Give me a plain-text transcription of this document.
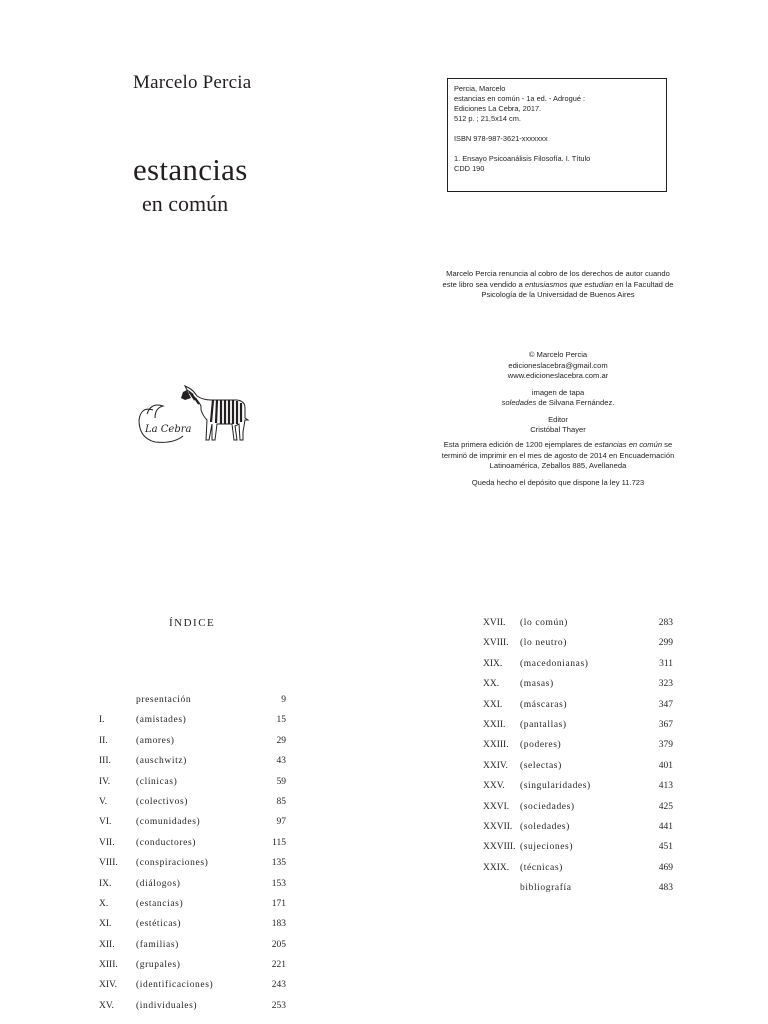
Marcelo Percia
estancias
en común
La Cebra
Percia, Marcelo
estancias en común - 1a ed. - Adrogué :
Ediciones La Cebra, 2017.
512 p. ; 21,5x14 cm.
ISBN 978-987-3621-xxxxxxx
1. Ensayo Psicoanálisis Filosofía. I. Título
CDD 190

Marcelo Percia renuncia al cobro de los derechos de autor cuando

este libro sea vendido a entusiasmos que estudian en la Facultad de

Psicología de la Universidad de Buenos Aires

© Marcelo Percia

edicioneslacebra@gmail.com

www.edicioneslacebra.com.ar

imagen de tapa

soledades de Silvana Fernández.

Editor

Cristóbal Thayer

Esta primera edición de 1200 ejemplares de estancias en común se

terminó de imprimir en el mes de agosto de 2014 en Encuadernación

Latinoamérica, Zeballos 885, Avellaneda

Queda hecho el depósito que dispone la ley 11.723

ÍNDICE
presentación	9
I.	(amistades)	15
II.	(amores)	29
III.	(auschwitz)	43
IV.	(clínicas)	59
V.	(colectivos)	85
VI.	(comunidades)	97
VII. (conductores)	115
VIII. (conspiraciones)	135
IX.	(diálogos)	153
X.	(estancias)	171
XI.	(estéticas)	183
XII. (familias)	205
XIII. (grupales)	221
XIV. (identificaciones)	243
XV. (individuales)	253
XVII. (lo común)	283
XVIII. (lo neutro)	299
XIX. (macedonianas)	311
XX. (masas)	323
XXI. (máscaras)	347
XXII. (pantallas)	367
XXIII. (poderes)	379
XXIV. (selectas)	401
XXV. (singularidades)	413
XXVI. (sociedades)	425
XXVII. (soledades)	441
XXVIII. (sujeciones)	451
XXIX. (técnicas)	469
bibliografía	483
